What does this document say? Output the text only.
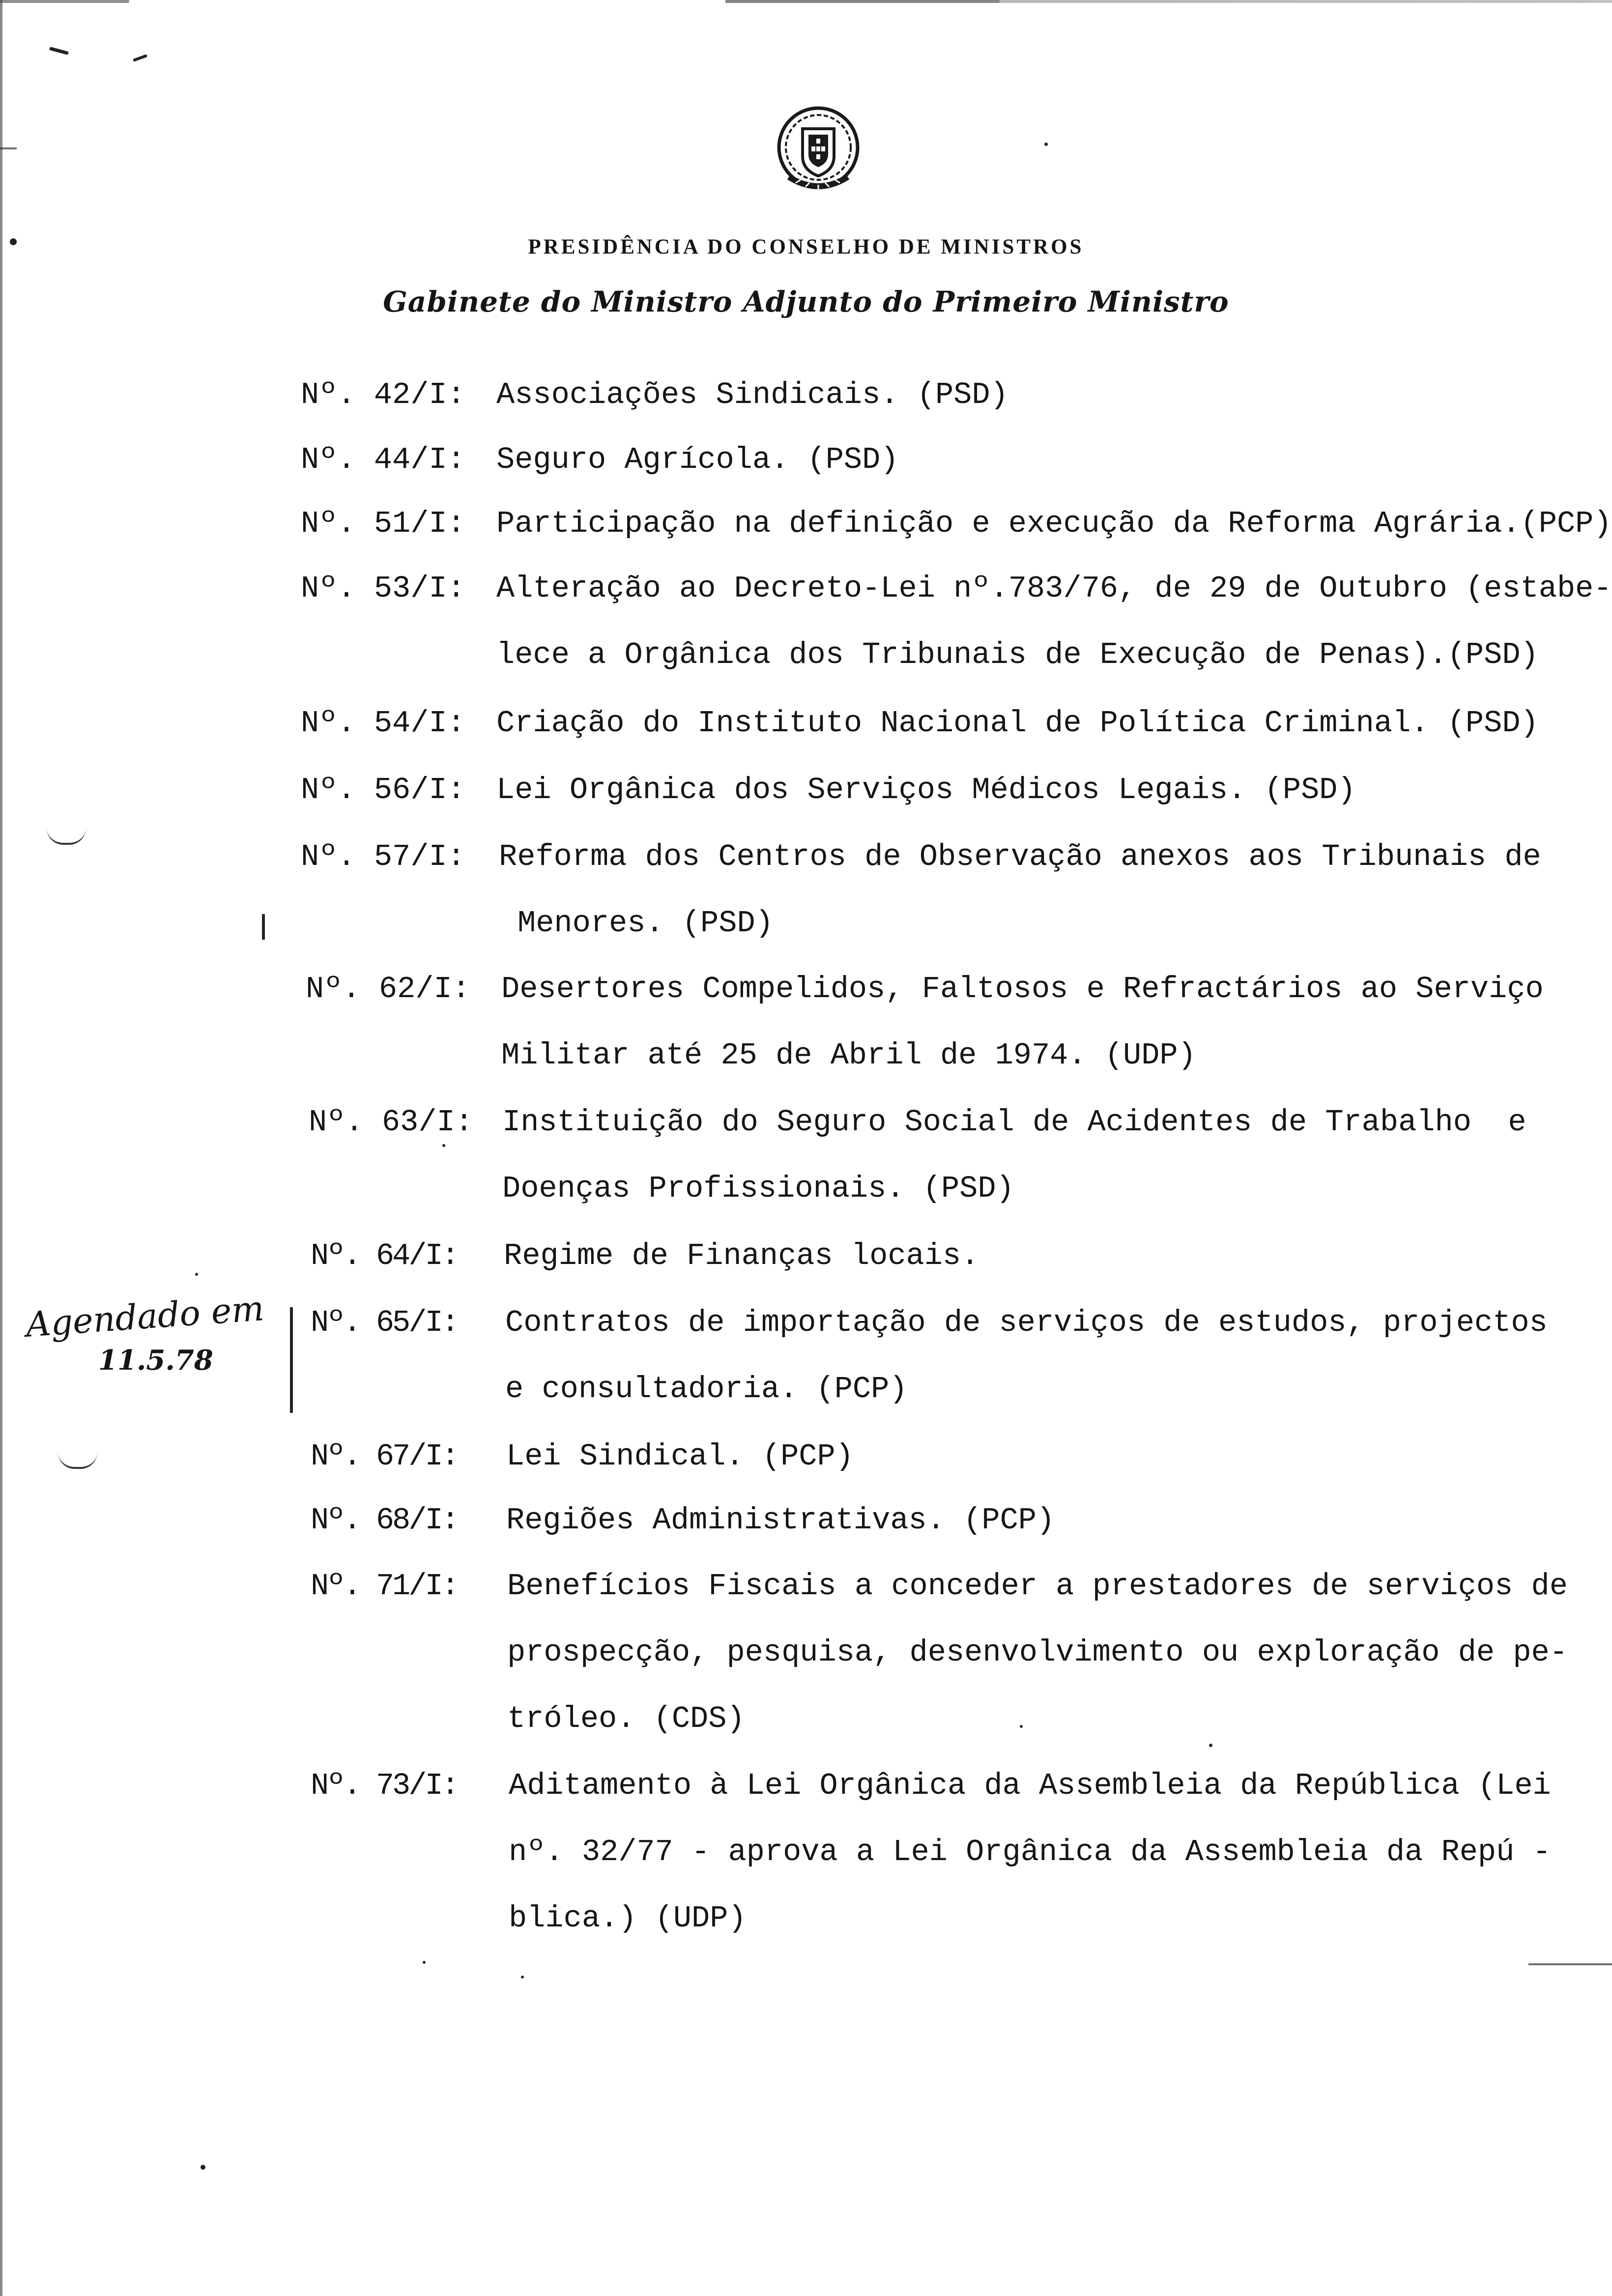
PRESIDÊNCIA DO CONSELHO DE MINISTROS
Gabinete do Ministro Adjunto do Primeiro Ministro
Nº. 42/I: Associações Sindicais. (PSD)
Nº. 44/I: Seguro Agrícola. (PSD)
Nº. 51/I: Participação na definição e execução da Reforma Agrária.(PCP)
Nº. 53/I: Alteração ao Decreto-Lei nº.783/76, de 29 de Outubro (estabe-
lece a Orgânica dos Tribunais de Execução de Penas).(PSD)
Nº. 54/I: Criação do Instituto Nacional de Política Criminal. (PSD)
Nº. 56/I: Lei Orgânica dos Serviços Médicos Legais. (PSD)
Nº. 57/I: Reforma dos Centros de Observação anexos aos Tribunais de
Menores. (PSD)
Nº. 62/I: Desertores Compelidos, Faltosos e Refractários ao Serviço
Militar até 25 de Abril de 1974. (UDP)
Nº. 63/I: Instituição do Seguro Social de Acidentes de Trabalho  e
Doenças Profissionais. (PSD)
Nº. 64/I: Regime de Finanças locais.
Nº. 65/I: Contratos de importação de serviços de estudos, projectos
e consultadoria. (PCP)
Nº. 67/I: Lei Sindical. (PCP)
Nº. 68/I: Regiões Administrativas. (PCP)
Nº. 71/I: Benefícios Fiscais a conceder a prestadores de serviços de
prospecção, pesquisa, desenvolvimento ou exploração de pe-
tróleo. (CDS)
Nº. 73/I: Aditamento à Lei Orgânica da Assembleia da República (Lei
nº. 32/77 - aprova a Lei Orgânica da Assembleia da Repú -
blica.) (UDP)
Agendado em
11.5.78
